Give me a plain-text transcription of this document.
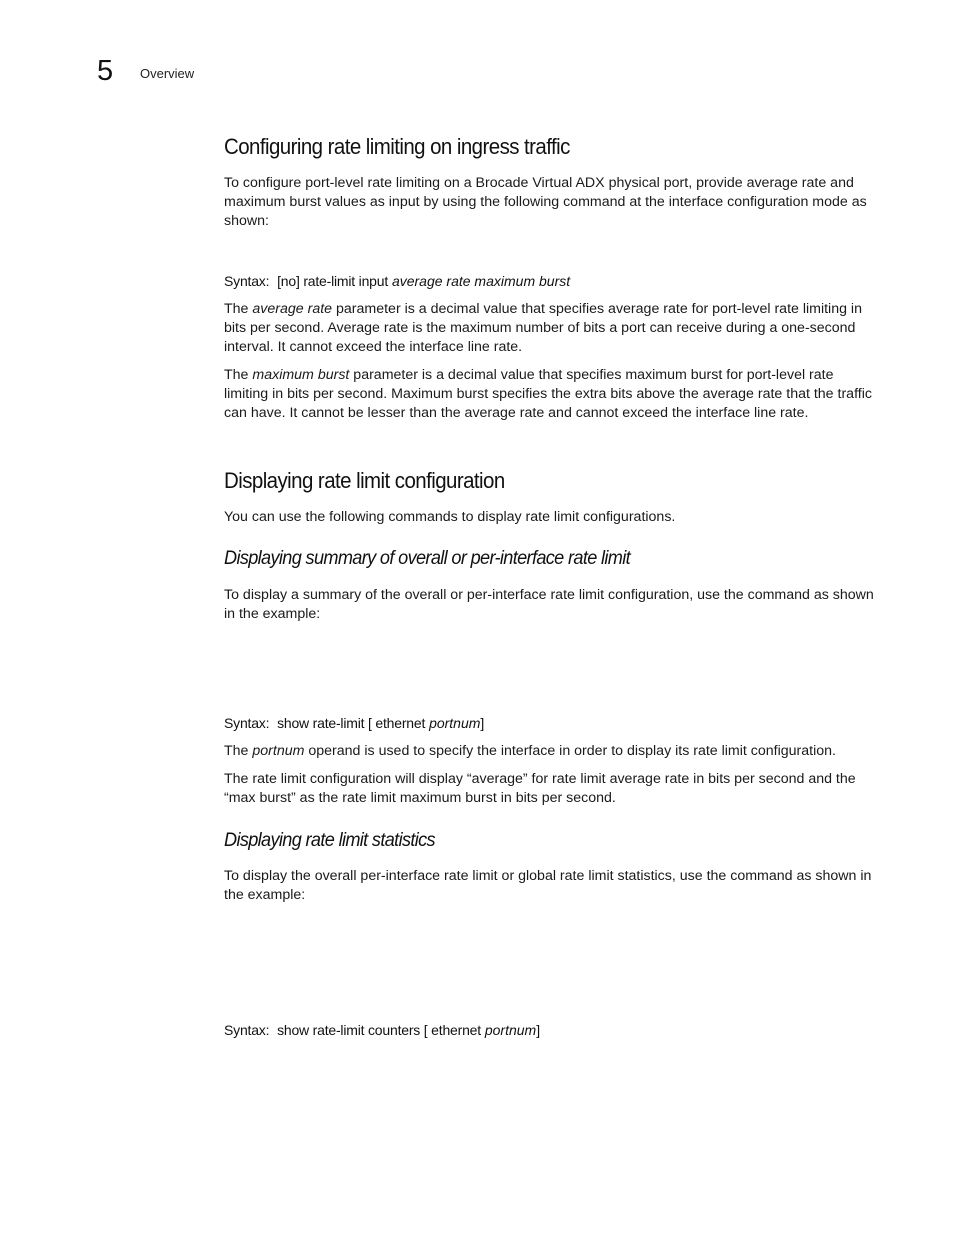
5 Overview
Configuring rate limiting on ingress traffic

To configure port-level rate limiting on a Brocade Virtual ADX physical port, provide average rate and maximum burst values as input by using the following command at the interface configuration mode as shown:

Syntax: [no] rate-limit input average rate maximum burst

The average rate parameter is a decimal value that specifies average rate for port-level rate limiting in bits per second. Average rate is the maximum number of bits a port can receive during a one-second interval. It cannot exceed the interface line rate.

The maximum burst parameter is a decimal value that specifies maximum burst for port-level rate limiting in bits per second. Maximum burst specifies the extra bits above the average rate that the traffic can have. It cannot be lesser than the average rate and cannot exceed the interface line rate.

Displaying rate limit configuration

You can use the following commands to display rate limit configurations.

Displaying summary of overall or per-interface rate limit

To display a summary of the overall or per-interface rate limit configuration, use the command as shown in the example:

Syntax: show rate-limit [ ethernet portnum]

The portnum operand is used to specify the interface in order to display its rate limit configuration.

The rate limit configuration will display “average” for rate limit average rate in bits per second and the “max burst” as the rate limit maximum burst in bits per second.

Displaying rate limit statistics

To display the overall per-interface rate limit or global rate limit statistics, use the command as shown in the example:

Syntax: show rate-limit counters [ ethernet portnum]
